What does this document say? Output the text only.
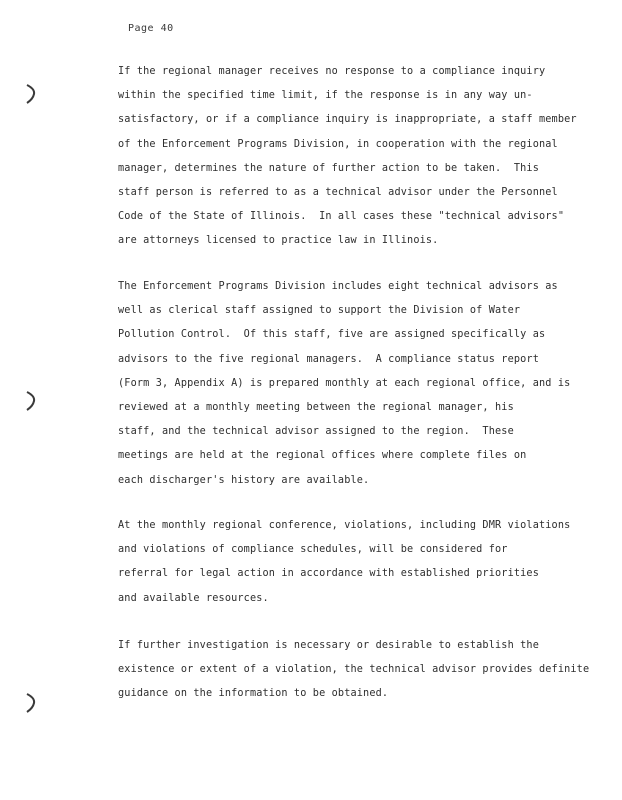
Page 40
If the regional manager receives no response to a compliance inquiry
within the specified time limit, if the response is in any way un-
satisfactory, or if a compliance inquiry is inappropriate, a staff member
of the Enforcement Programs Division, in cooperation with the regional
manager, determines the nature of further action to be taken.  This
staff person is referred to as a technical advisor under the Personnel
Code of the State of Illinois.  In all cases these "technical advisors"
are attorneys licensed to practice law in Illinois.
The Enforcement Programs Division includes eight technical advisors as
well as clerical staff assigned to support the Division of Water
Pollution Control.  Of this staff, five are assigned specifically as
advisors to the five regional managers.  A compliance status report
(Form 3, Appendix A) is prepared monthly at each regional office, and is
reviewed at a monthly meeting between the regional manager, his
staff, and the technical advisor assigned to the region.  These
meetings are held at the regional offices where complete files on
each discharger's history are available.
At the monthly regional conference, violations, including DMR violations
and violations of compliance schedules, will be considered for
referral for legal action in accordance with established priorities
and available resources.
If further investigation is necessary or desirable to establish the
existence or extent of a violation, the technical advisor provides definite
guidance on the information to be obtained.
